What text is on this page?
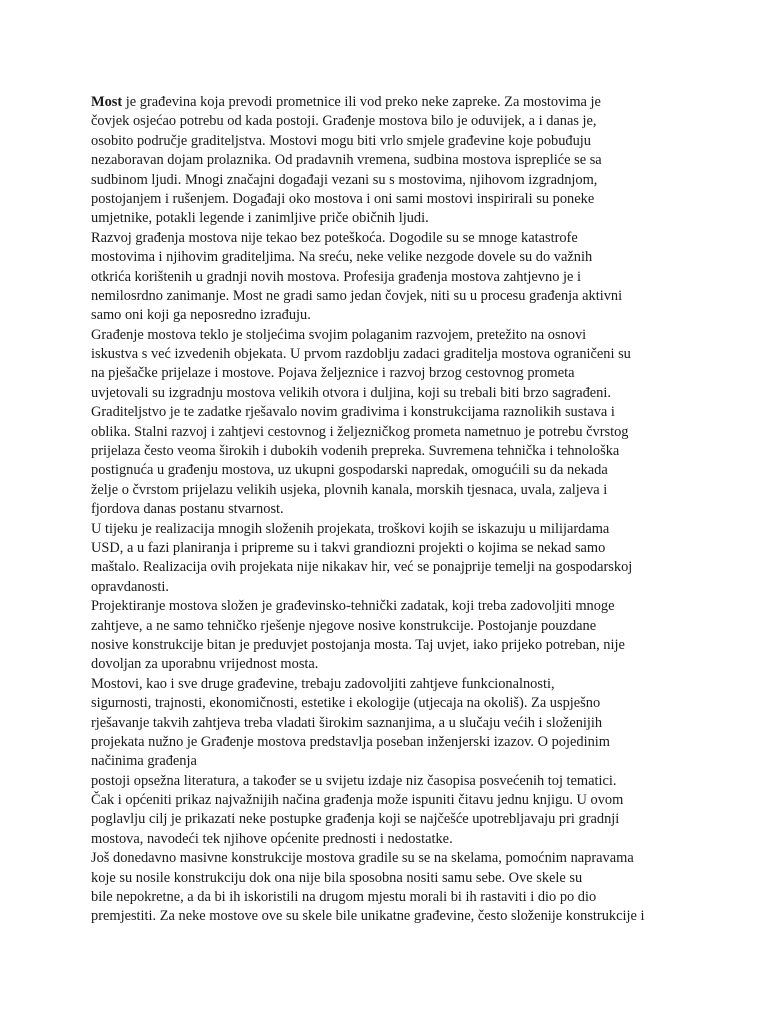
Most je građevina koja prevodi prometnice ili vod preko neke zapreke. Za mostovima je
čovjek osjećao potrebu od kada postoji. Građenje mostova bilo je oduvijek, a i danas je,
osobito područje graditeljstva. Mostovi mogu biti vrlo smjele građevine koje pobuđuju
nezaboravan dojam prolaznika. Od pradavnih vremena, sudbina mostova isprepliće se sa
sudbinom ljudi. Mnogi značajni događaji vezani su s mostovima, njihovom izgradnjom,
postojanjem i rušenjem. Događaji oko mostova i oni sami mostovi inspirirali su poneke
umjetnike, potakli legende i zanimljive priče običnih ljudi.
Razvoj građenja mostova nije tekao bez poteškoća. Dogodile su se mnoge katastrofe
mostovima i njihovim graditeljima. Na sreću, neke velike nezgode dovele su do važnih
otkrića korištenih u gradnji novih mostova. Profesija građenja mostova zahtjevno je i
nemilosrdno zanimanje. Most ne gradi samo jedan čovjek, niti su u procesu građenja aktivni
samo oni koji ga neposredno izrađuju.
Građenje mostova teklo je stoljećima svojim polaganim razvojem, pretežito na osnovi
iskustva s već izvedenih objekata. U prvom razdoblju zadaci graditelja mostova ograničeni su
na pješačke prijelaze i mostove. Pojava željeznice i razvoj brzog cestovnog prometa
uvjetovali su izgradnju mostova velikih otvora i duljina, koji su trebali biti brzo sagrađeni.
Graditeljstvo je te zadatke rješavalo novim gradivima i konstrukcijama raznolikih sustava i
oblika. Stalni razvoj i zahtjevi cestovnog i željezničkog prometa nametnuo je potrebu čvrstog
prijelaza često veoma širokih i dubokih vodenih prepreka. Suvremena tehnička i tehnološka
postignuća u građenju mostova, uz ukupni gospodarski napredak, omogućili su da nekada
želje o čvrstom prijelazu velikih usjeka, plovnih kanala, morskih tjesnaca, uvala, zaljeva i
fjordova danas postanu stvarnost.
U tijeku je realizacija mnogih složenih projekata, troškovi kojih se iskazuju u milijardama
USD, a u fazi planiranja i pripreme su i takvi grandiozni projekti o kojima se nekad samo
maštalo. Realizacija ovih projekata nije nikakav hir, već se ponajprije temelji na gospodarskoj
opravdanosti.
Projektiranje mostova složen je građevinsko-tehnički zadatak, koji treba zadovoljiti mnoge
zahtjeve, a ne samo tehničko rješenje njegove nosive konstrukcije. Postojanje pouzdane
nosive konstrukcije bitan je preduvjet postojanja mosta. Taj uvjet, iako prijeko potreban, nije
dovoljan za uporabnu vrijednost mosta.
Mostovi, kao i sve druge građevine, trebaju zadovoljiti zahtjeve funkcionalnosti,
sigurnosti, trajnosti, ekonomičnosti, estetike i ekologije (utjecaja na okoliš). Za uspješno
rješavanje takvih zahtjeva treba vladati širokim saznanjima, a u slučaju većih i složenijih
projekata nužno je Građenje mostova predstavlja poseban inženjerski izazov. O pojedinim
načinima građenja
postoji opsežna literatura, a također se u svijetu izdaje niz časopisa posvećenih toj tematici.
Čak i općeniti prikaz najvažnijih načina građenja može ispuniti čitavu jednu knjigu. U ovom
poglavlju cilj je prikazati neke postupke građenja koji se najčešće upotrebljavaju pri gradnji
mostova, navodeći tek njihove općenite prednosti i nedostatke.
Još donedavno masivne konstrukcije mostova gradile su se na skelama, pomoćnim napravama
koje su nosile konstrukciju dok ona nije bila sposobna nositi samu sebe. Ove skele su
bile nepokretne, a da bi ih iskoristili na drugom mjestu morali bi ih rastaviti i dio po dio
premjestiti. Za neke mostove ove su skele bile unikatne građevine, često složenije konstrukcije i
